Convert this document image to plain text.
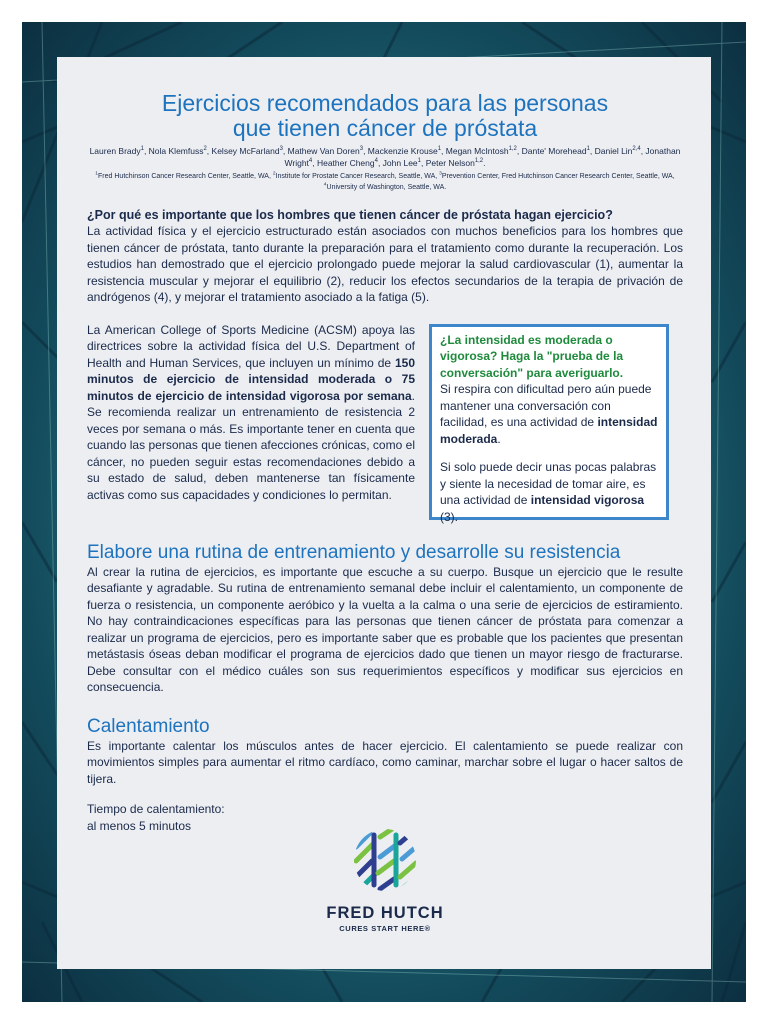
Ejercicios recomendados para las personas
que tienen cáncer de próstata
Lauren Brady$^1$, Nola Klemfuss$^2$, Kelsey McFarland$^3$, Mathew Van Doren$^3$, Mackenzie Krouse$^1$, Megan McIntosh$^{1,2}$, Dante' Morehead$^1$, Daniel Lin$^{2,4}$, Jonathan Wright$^4$, Heather Cheng$^4$, John Lee$^1$, Peter Nelson$^{1,2}$.
$^1$Fred Hutchinson Cancer Research Center, Seattle, WA, $^2$Institute for Prostate Cancer Research, Seattle, WA, $^3$Prevention Center, Fred Hutchinson Cancer Research Center, Seattle, WA, $^4$University of Washington, Seattle, WA.
¿Por qué es importante que los hombres que tienen cáncer de próstata hagan ejercicio?

La actividad física y el ejercicio estructurado están asociados con muchos beneficios para los hombres que tienen cáncer de próstata, tanto durante la preparación para el tratamiento como durante la recuperación. Los estudios han demostrado que el ejercicio prolongado puede mejorar la salud cardiovascular (1), aumentar la resistencia muscular y mejorar el equilibrio (2), reducir los efectos secundarios de la terapia de privación de andrógenos (4), y mejorar el tratamiento asociado a la fatiga (5).

La American College of Sports Medicine (ACSM) apoya las directrices sobre la actividad física del U.S. Department of Health and Human Services, que incluyen un mínimo de 150 minutos de ejercicio de intensidad moderada o 75 minutos de ejercicio de intensidad vigorosa por semana. Se recomienda realizar un entrenamiento de resistencia 2 veces por semana o más. Es importante tener en cuenta que cuando las personas que tienen afecciones crónicas, como el cáncer, no pueden seguir estas recomendaciones debido a su estado de salud, deben mantenerse tan físicamente activas como sus capacidades y condiciones lo permitan.

¿La intensidad es moderada o vigorosa? Haga la "prueba de la conversación" para averiguarlo.
Si respira con dificultad pero aún puede mantener una conversación con facilidad, es una actividad de intensidad moderada.

Si solo puede decir unas pocas palabras y siente la necesidad de tomar aire, es una actividad de intensidad vigorosa (3).

Elabore una rutina de entrenamiento y desarrolle su resistencia

Al crear la rutina de ejercicios, es importante que escuche a su cuerpo. Busque un ejercicio que le resulte desafiante y agradable. Su rutina de entrenamiento semanal debe incluir el calentamiento, un componente de fuerza o resistencia, un componente aeróbico y la vuelta a la calma o una serie de ejercicios de estiramiento. No hay contraindicaciones específicas para las personas que tienen cáncer de próstata para comenzar a realizar un programa de ejercicios, pero es importante saber que es probable que los pacientes que presentan metástasis óseas deban modificar el programa de ejercicios dado que tienen un mayor riesgo de fracturarse. Debe consultar con el médico cuáles son sus requerimientos específicos y modificar sus ejercicios en consecuencia.

Calentamiento

Es importante calentar los músculos antes de hacer ejercicio. El calentamiento se puede realizar con movimientos simples para aumentar el ritmo cardíaco, como caminar, marchar sobre el lugar o hacer saltos de tijera.

Tiempo de calentamiento:
al menos 5 minutos
FRED HUTCH
CURES START HERE®
